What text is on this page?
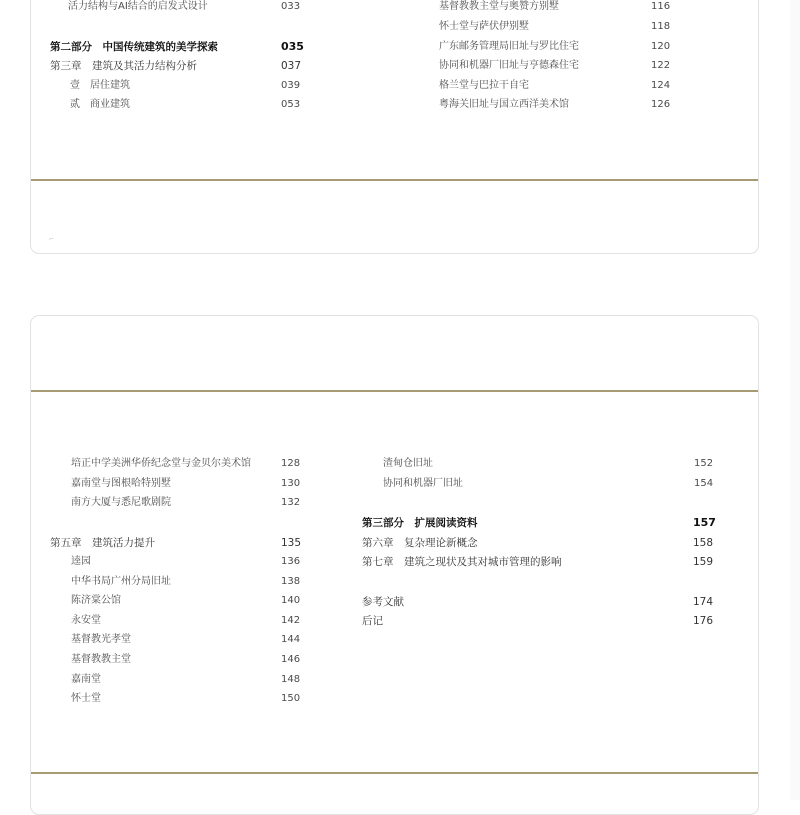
⌐
活力结构与AI结合的启发式设计	033
第二部分　中国传统建筑的美学探索	035
第三章　建筑及其活力结构分析	037
壹　居住建筑	039
贰　商业建筑	053
基督教教主堂与奥赞方别墅	116
怀士堂与萨伏伊别墅	118
广东邮务管理局旧址与罗比住宅	120
协同和机器厂旧址与亨德森住宅	122
格兰堂与巴拉干自宅	124
粤海关旧址与国立西洋美术馆	126
培正中学美洲华侨纪念堂与金贝尔美术馆	128
嘉南堂与图根哈特别墅	130
南方大厦与悉尼歌剧院	132
第五章　建筑活力提升	135
逵园	136
中华书局广州分局旧址	138
陈济棠公馆	140
永安堂	142
基督教光孝堂	144
基督教教主堂	146
嘉南堂	148
怀士堂	150
渣甸仓旧址	152
协同和机器厂旧址	154
第三部分　扩展阅读资料	157
第六章　复杂理论新概念	158
第七章　建筑之现状及其对城市管理的影响	159
参考文献	174
后记	176
